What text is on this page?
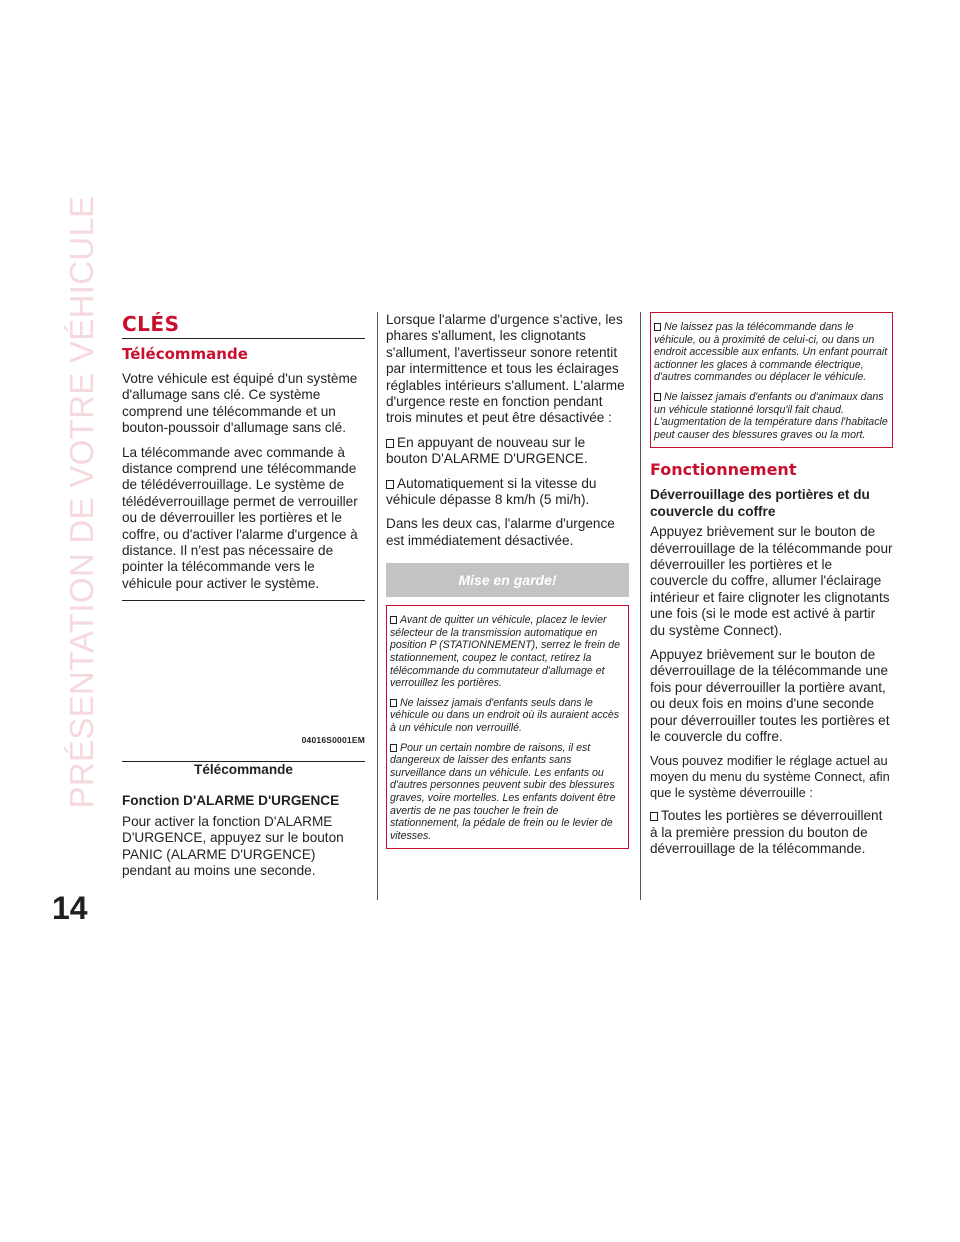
PRÉSENTATION DE VOTRE VÉHICULE
14
CLÉS
Télécommande

Votre véhicule est équipé d'un système d'allumage sans clé. Ce système comprend une télécommande et un bouton-poussoir d'allumage sans clé.

La télécommande avec commande à distance comprend une télécommande de télédéverrouillage. Le système de télédéverrouillage permet de verrouiller ou de déverrouiller les portières et le coffre, ou d'activer l'alarme d'urgence à distance. Il n'est pas nécessaire de pointer la télécommande vers le véhicule pour activer le système.

04016S0001EM
Télécommande
Fonction D'ALARME D'URGENCE

Pour activer la fonction D'ALARME D'URGENCE, appuyez sur le bouton PANIC (ALARME D'URGENCE) pendant au moins une seconde.

Lorsque l'alarme d'urgence s'active, les phares s'allument, les clignotants s'allument, l'avertisseur sonore retentit par intermittence et tous les éclairages réglables intérieurs s'allument. L'alarme d'urgence reste en fonction pendant trois minutes et peut être désactivée :

En appuyant de nouveau sur le bouton D'ALARME D'URGENCE.

Automatiquement si la vitesse du véhicule dépasse 8 km/h (5 mi/h).

Dans les deux cas, l'alarme d'urgence est immédiatement désactivée.

Mise en garde!

Avant de quitter un véhicule, placez le levier sélecteur de la transmission automatique en position P (STATIONNEMENT), serrez le frein de stationnement, coupez le contact, retirez la télécommande du commutateur d'allumage et verrouillez les portières.

Ne laissez jamais d'enfants seuls dans le véhicule ou dans un endroit où ils auraient accès à un véhicule non verrouillé.

Pour un certain nombre de raisons, il est dangereux de laisser des enfants sans surveillance dans un véhicule. Les enfants ou d'autres personnes peuvent subir des blessures graves, voire mortelles. Les enfants doivent être avertis de ne pas toucher le frein de stationnement, la pédale de frein ou le levier de vitesses.

Ne laissez pas la télécommande dans le véhicule, ou à proximité de celui-ci, ou dans un endroit accessible aux enfants. Un enfant pourrait actionner les glaces à commande électrique, d'autres commandes ou déplacer le véhicule.

Ne laissez jamais d'enfants ou d'animaux dans un véhicule stationné lorsqu'il fait chaud. L'augmentation de la température dans l'habitacle peut causer des blessures graves ou la mort.

Fonctionnement
Déverrouillage des portières et du couvercle du coffre

Appuyez brièvement sur le bouton de déverrouillage de la télécommande pour déverrouiller les portières et le couvercle du coffre, allumer l'éclairage intérieur et faire clignoter les clignotants une fois (si le mode est activé à partir du système Connect).

Appuyez brièvement sur le bouton de déverrouillage de la télécommande une fois pour déverrouiller la portière avant, ou deux fois en moins d'une seconde pour déverrouiller toutes les portières et le couvercle du coffre.

Vous pouvez modifier le réglage actuel au moyen du menu du système Connect, afin que le système déverrouille :

Toutes les portières se déverrouillent à la première pression du bouton de déverrouillage de la télécommande.
